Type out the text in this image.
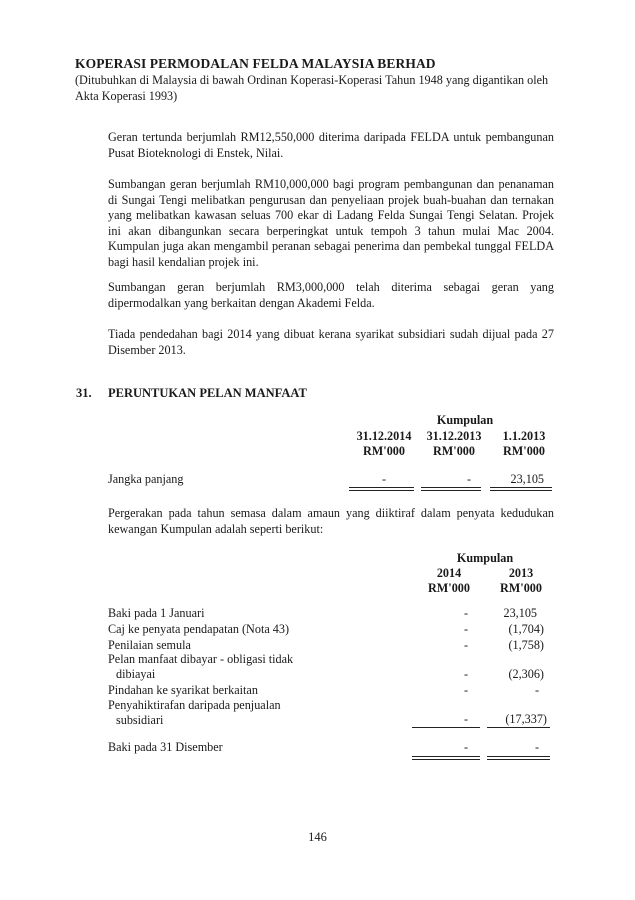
KOPERASI PERMODALAN FELDA MALAYSIA BERHAD
(Ditubuhkan di Malaysia di bawah Ordinan Koperasi-Koperasi Tahun 1948 yang digantikan oleh Akta Koperasi 1993)
Geran tertunda berjumlah RM12,550,000 diterima daripada FELDA untuk pembangunan Pusat Bioteknologi di Enstek, Nilai.
Sumbangan geran berjumlah RM10,000,000 bagi program pembangunan dan penanaman di Sungai Tengi melibatkan pengurusan dan penyeliaan projek buah-buahan dan ternakan yang melibatkan kawasan seluas 700 ekar di Ladang Felda Sungai Tengi Selatan. Projek ini akan dibangunkan secara berperingkat untuk tempoh 3 tahun mulai Mac 2004. Kumpulan juga akan mengambil peranan sebagai penerima dan pembekal tunggal FELDA bagi hasil kendalian projek ini.
Sumbangan geran berjumlah RM3,000,000 telah diterima sebagai geran yang dipermodalkan yang berkaitan dengan Akademi Felda.
Tiada pendedahan bagi 2014 yang dibuat kerana syarikat subsidiari sudah dijual pada 27 Disember 2013.
31. PERUNTUKAN PELAN MANFAAT
Kumpulan
31.12.2014	31.12.2013	1.1.2013
RM'000	RM'000	RM'000
Jangka panjang	-	-	23,105
Pergerakan pada tahun semasa dalam amaun yang diiktiraf dalam penyata kedudukan kewangan Kumpulan adalah seperti berikut:
Kumpulan
2014	2013
RM'000	RM'000
Baki pada 1 Januari	-	23,105
Caj ke penyata pendapatan (Nota 43)	-	(1,704)
Penilaian semula	-	(1,758)
Pelan manfaat dibayar - obligasi tidak
dibiayai	-	(2,306)
Pindahan ke syarikat berkaitan	-	-
Penyahiktirafan daripada penjualan
subsidiari	-	(17,337)
Baki pada 31 Disember	-	-
146
